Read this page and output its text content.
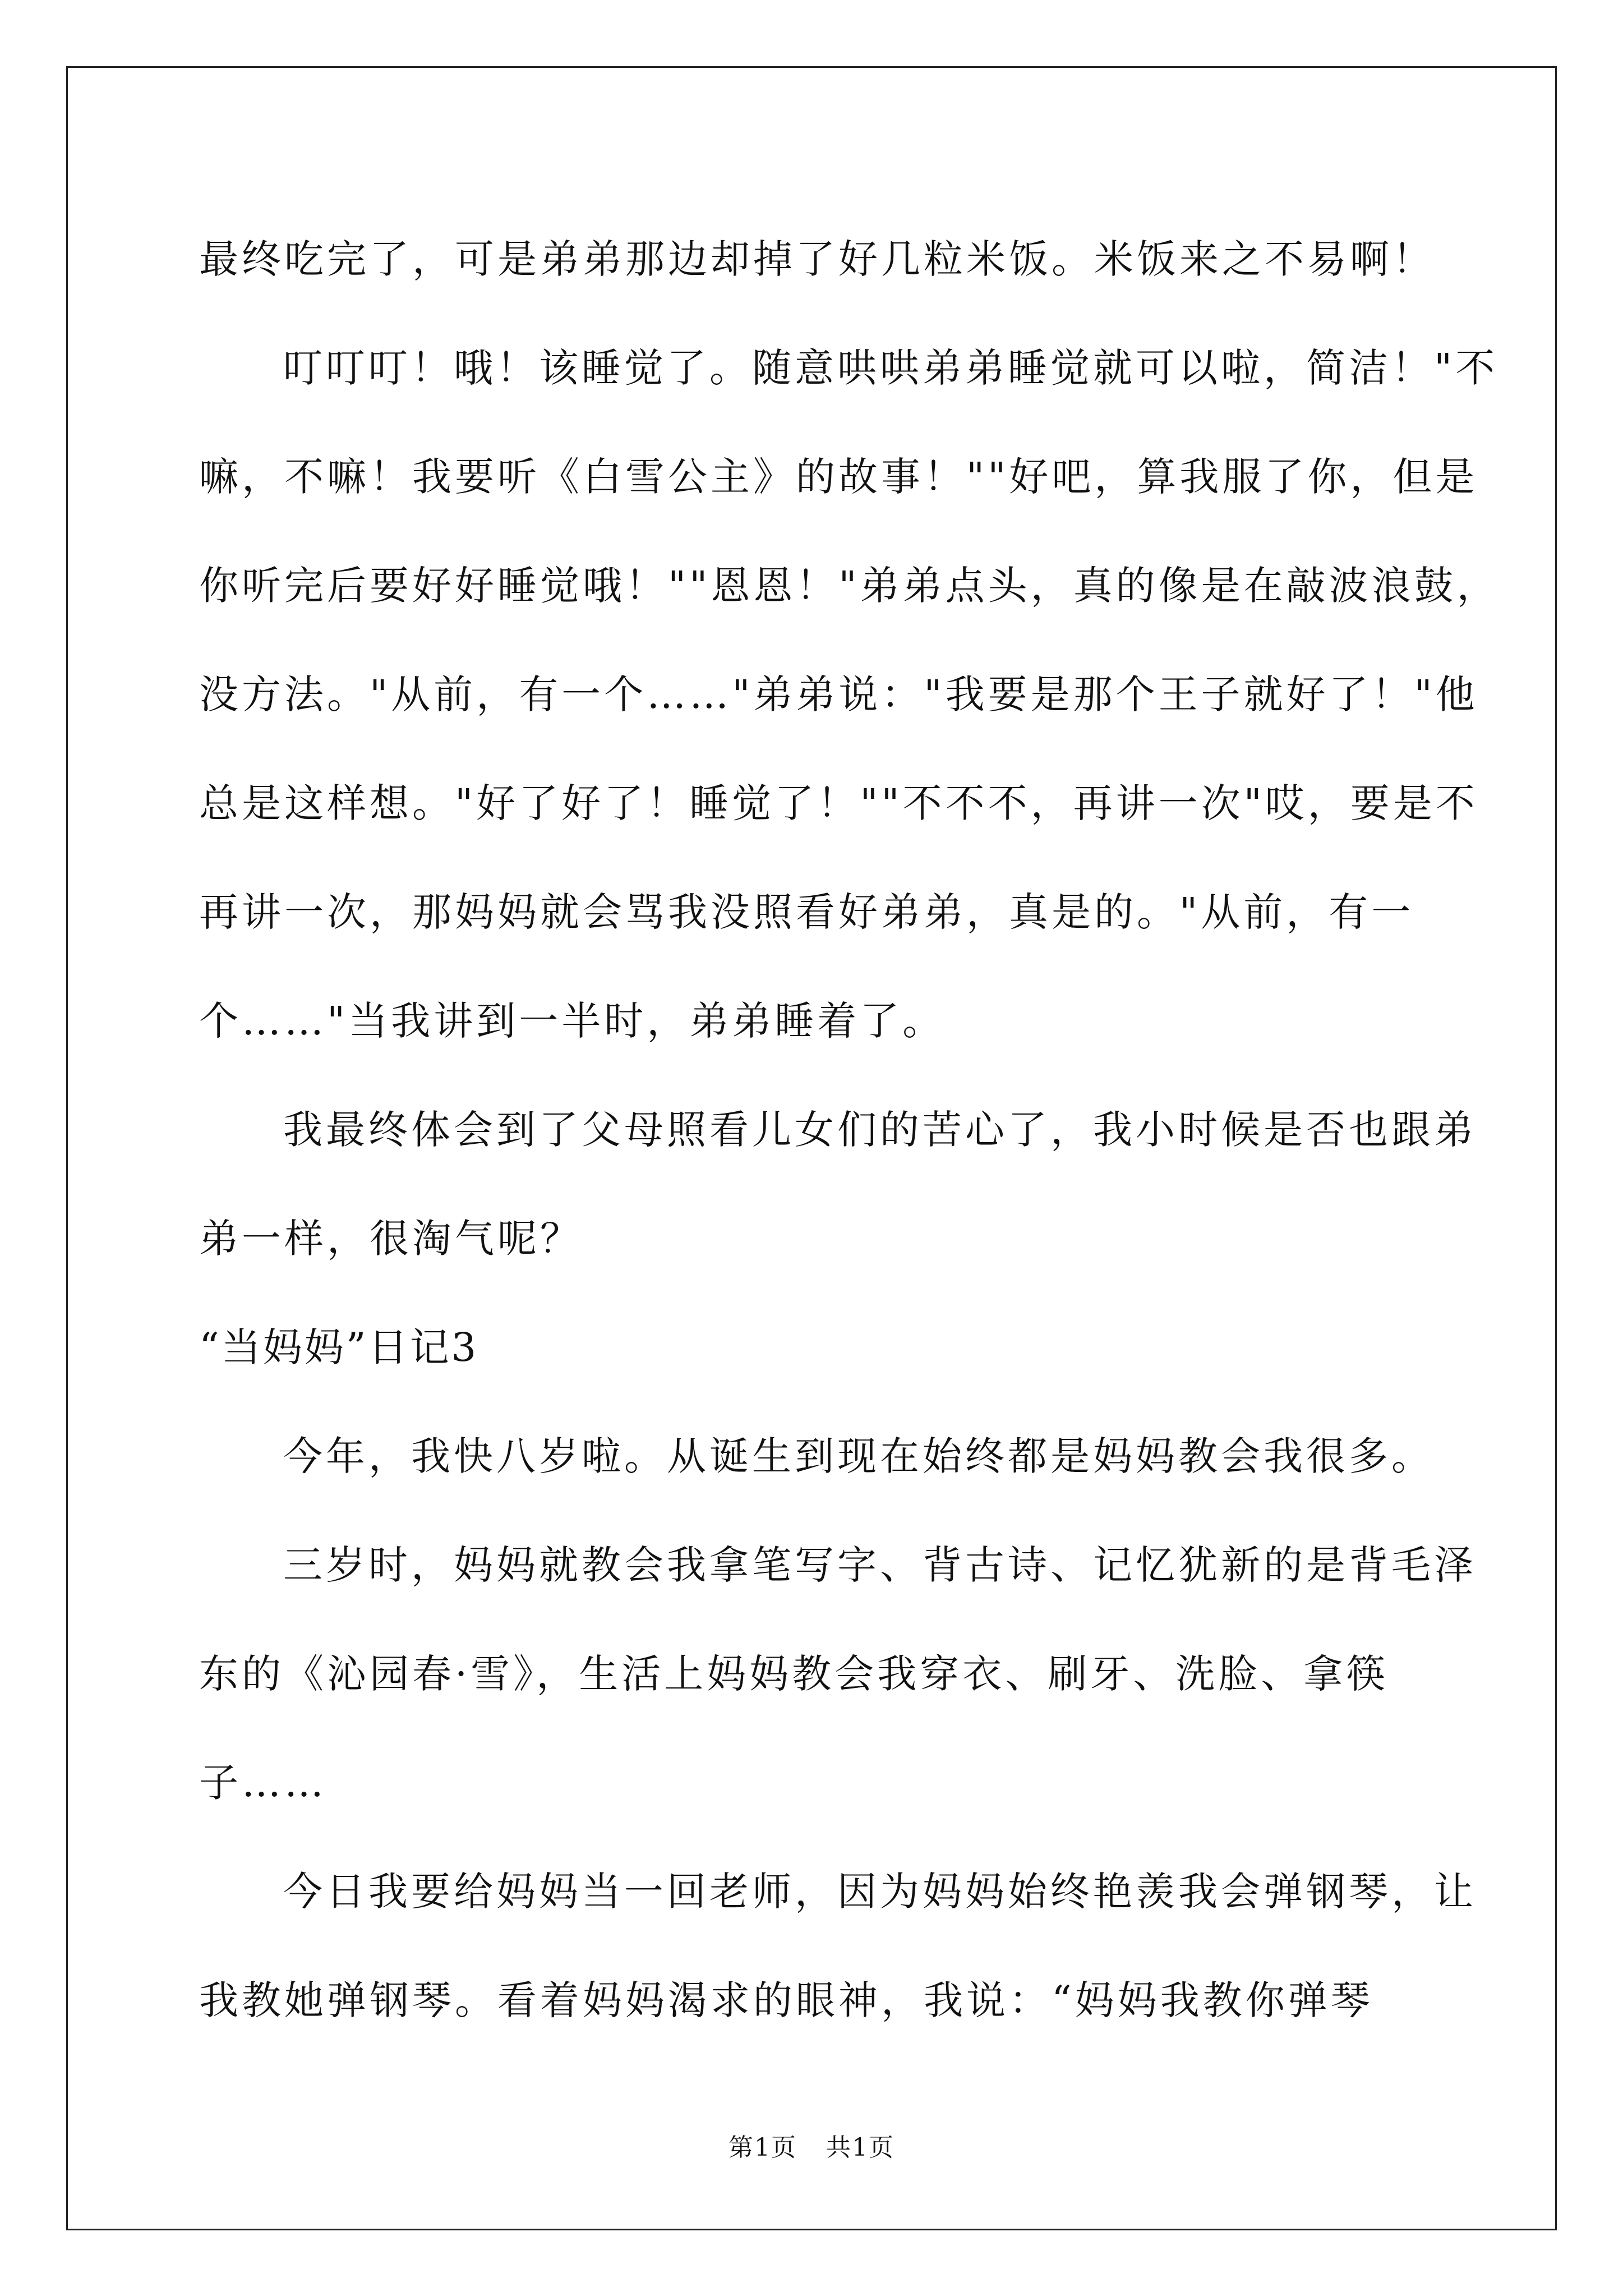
最终吃完了，可是弟弟那边却掉了好几粒米饭。米饭来之不易啊！
叮叮叮！哦！该睡觉了。随意哄哄弟弟睡觉就可以啦，简洁！"不
嘛，不嘛！我要听《白雪公主》的故事！""好吧，算我服了你，但是
你听完后要好好睡觉哦！""恩恩！"弟弟点头，真的像是在敲波浪鼓，
没方法。"从前，有一个……"弟弟说："我要是那个王子就好了！"他
总是这样想。"好了好了！睡觉了！""不不不，再讲一次"哎，要是不
再讲一次，那妈妈就会骂我没照看好弟弟，真是的。"从前，有一
个……"当我讲到一半时，弟弟睡着了。
我最终体会到了父母照看儿女们的苦心了，我小时候是否也跟弟
弟一样，很淘气呢？
“当妈妈”日记3
今年，我快八岁啦。从诞生到现在始终都是妈妈教会我很多。
三岁时，妈妈就教会我拿笔写字、背古诗、记忆犹新的是背毛泽
东的《沁园春·雪》，生活上妈妈教会我穿衣、刷牙、洗脸、拿筷
子……
今日我要给妈妈当一回老师，因为妈妈始终艳羡我会弹钢琴，让
我教她弹钢琴。看着妈妈渴求的眼神，我说：“妈妈我教你弹琴
第1页 共1页
